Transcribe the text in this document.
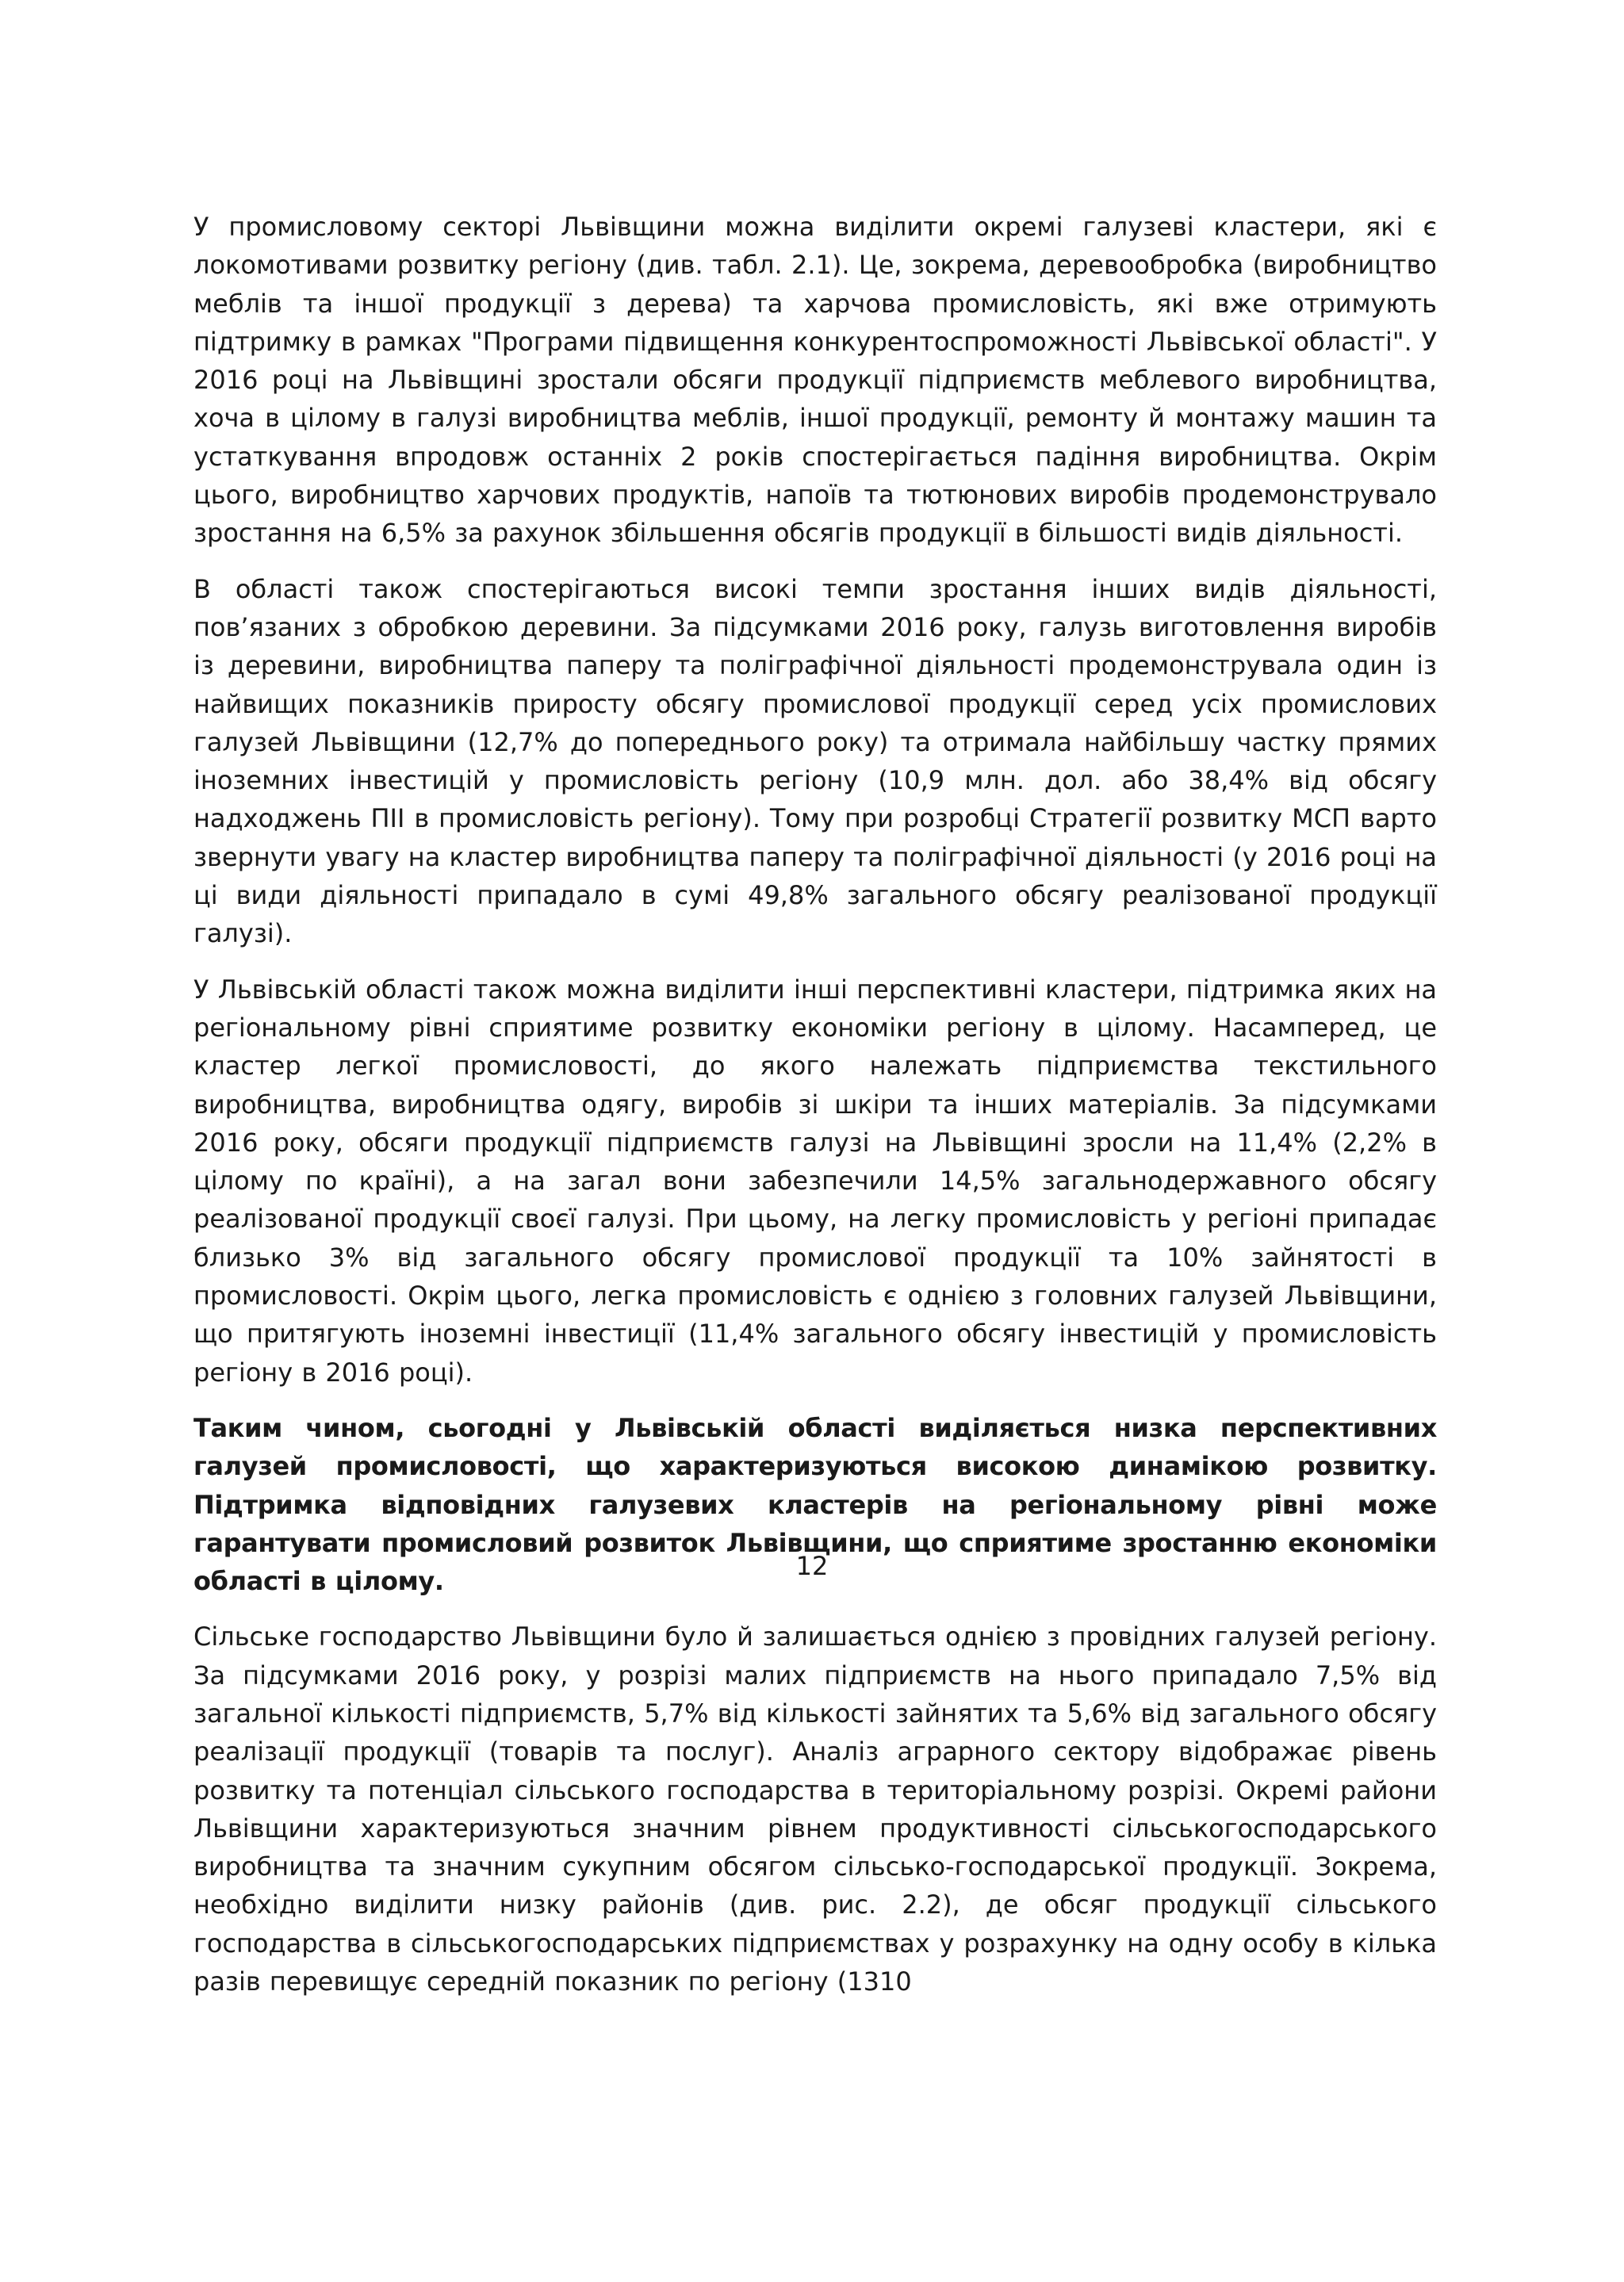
У промисловому секторі Львівщини можна виділити окремі галузеві кластери, які є локомотивами розвитку регіону (див. табл. 2.1). Це, зокрема, деревообробка (виробництво меблів та іншої продукції з дерева) та харчова промисловість, які вже отримують підтримку в рамках "Програми підвищення конкурентоспроможності Львівської області". У 2016 році на Львівщині зростали обсяги продукції підприємств меблевого виробництва, хоча в цілому в галузі виробництва меблів, іншої продукції, ремонту й монтажу машин та устаткування впродовж останніх 2 років спостерігається падіння виробництва. Окрім цього, виробництво харчових продуктів, напоїв та тютюнових виробів продемонструвало зростання на 6,5% за рахунок збільшення обсягів продукції в більшості видів діяльності.

В області також спостерігаються високі темпи зростання інших видів діяльності, пов’язаних з обробкою деревини. За підсумками 2016 року, галузь виготовлення виробів із деревини, виробництва паперу та поліграфічної діяльності продемонструвала один із найвищих показників приросту обсягу промислової продукції серед усіх промислових галузей Львівщини (12,7% до попереднього року) та отримала найбільшу частку прямих іноземних інвестицій у промисловість регіону (10,9 млн. дол. або 38,4% від обсягу надходжень ПІІ в промисловість регіону). Тому при розробці Стратегії розвитку МСП варто звернути увагу на кластер виробництва паперу та поліграфічної діяльності (у 2016 році на ці види діяльності припадало в сумі 49,8% загального обсягу реалізованої продукції галузі).

У Львівській області також можна виділити інші перспективні кластери, підтримка яких на регіональному рівні сприятиме розвитку економіки регіону в цілому. Насамперед, це кластер легкої промисловості, до якого належать підприємства текстильного виробництва, виробництва одягу, виробів зі шкіри та інших матеріалів. За підсумками 2016 року, обсяги продукції підприємств галузі на Львівщині зросли на 11,4% (2,2% в цілому по країні), а на загал вони забезпечили 14,5% загальнодержавного обсягу реалізованої продукції своєї галузі. При цьому, на легку промисловість у регіоні припадає близько 3% від загального обсягу промислової продукції та 10% зайнятості в промисловості. Окрім цього, легка промисловість є однією з головних галузей Львівщини, що притягують іноземні інвестиції (11,4% загального обсягу інвестицій у промисловість регіону в 2016 році).

Таким чином, сьогодні у Львівській області виділяється низка перспективних галузей промисловості, що характеризуються високою динамікою розвитку. Підтримка відповідних галузевих кластерів на регіональному рівні може гарантувати промисловий розвиток Львівщини, що сприятиме зростанню економіки області в цілому.

Сільське господарство Львівщини було й залишається однією з провідних галузей регіону. За підсумками 2016 року, у розрізі малих підприємств на нього припадало 7,5% від загальної кількості підприємств, 5,7% від кількості зайнятих та 5,6% від загального обсягу реалізації продукції (товарів та послуг). Аналіз аграрного сектору відображає рівень розвитку та потенціал сільського господарства в територіальному розрізі. Окремі райони Львівщини характеризуються значним рівнем продуктивності сільськогосподарського виробництва та значним сукупним обсягом сільсько-господарської продукції. Зокрема, необхідно виділити низку районів (див. рис. 2.2), де обсяг продукції сільського господарства в сільськогосподарських підприємствах у розрахунку на одну особу в кілька разів перевищує середній показник по регіону (1310

12
